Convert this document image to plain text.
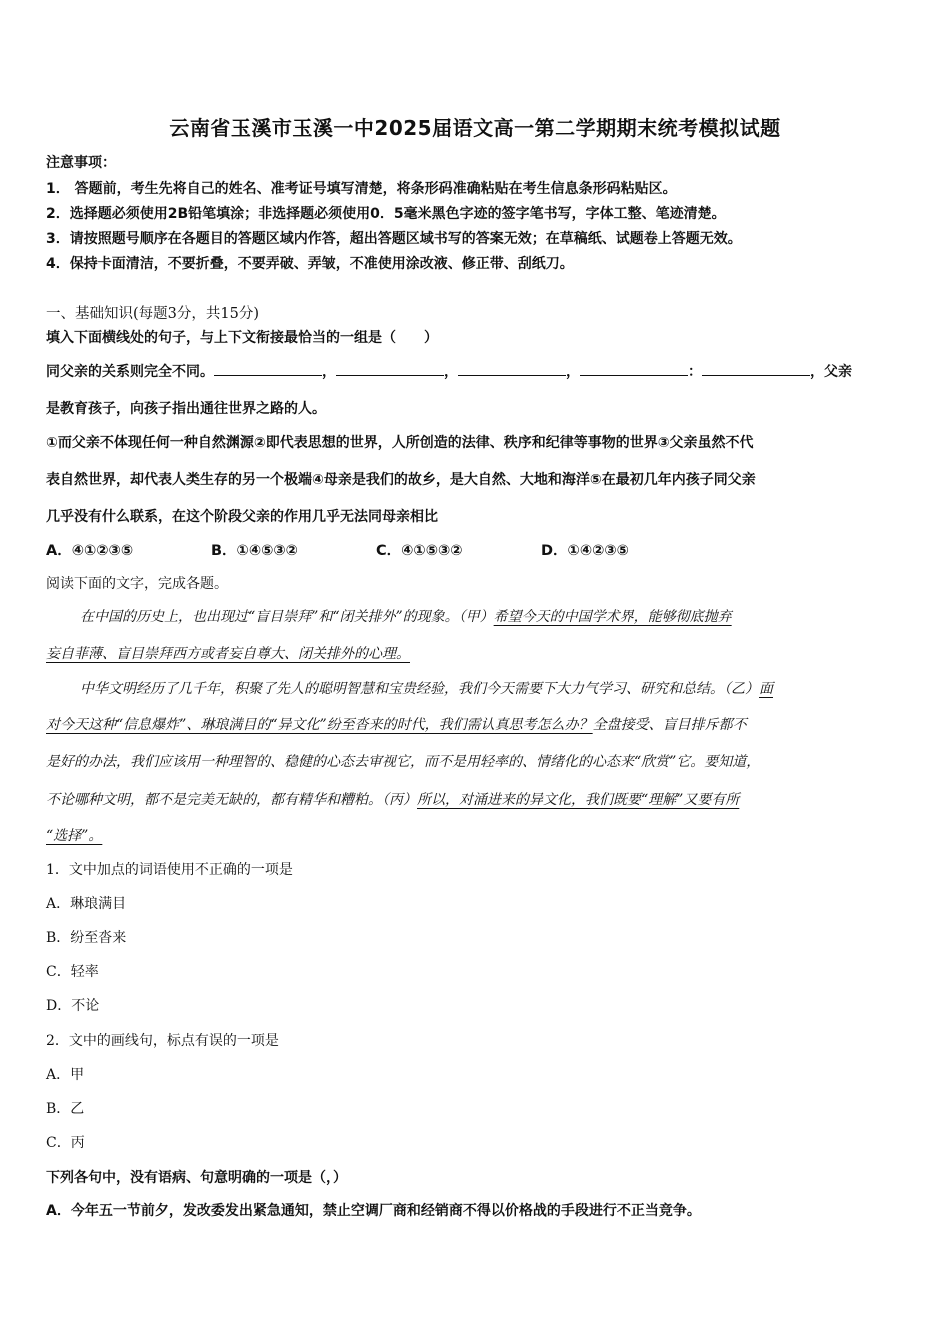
云南省玉溪市玉溪一中2025届语文高一第二学期期末统考模拟试题
注意事项：
1． 答题前，考生先将自己的姓名、准考证号填写清楚，将条形码准确粘贴在考生信息条形码粘贴区。
2．选择题必须使用2B铅笔填涂；非选择题必须使用0．5毫米黑色字迹的签字笔书写，字体工整、笔迹清楚。
3．请按照题号顺序在各题目的答题区域内作答，超出答题区域书写的答案无效；在草稿纸、试题卷上答题无效。
4．保持卡面清洁，不要折叠，不要弄破、弄皱，不准使用涂改液、修正带、刮纸刀。
一、基础知识(每题3分，共15分)
填入下面横线处的句子，与上下文衔接最恰当的一组是（　　）
同父亲的关系则完全不同。	，	，	，	：	，父亲
是教育孩子，向孩子指出通往世界之路的人。
①而父亲不体现任何一种自然渊源②即代表思想的世界，人所创造的法律、秩序和纪律等事物的世界③父亲虽然不代
表自然世界，却代表人类生存的另一个极端④母亲是我们的故乡，是大自然、大地和海洋⑤在最初几年内孩子同父亲
几乎没有什么联系，在这个阶段父亲的作用几乎无法同母亲相比
A．④①②③⑤	B．①④⑤③②	C．④①⑤③②	D．①④②③⑤
阅读下面的文字，完成各题。
在中国的历史上，也出现过“盲目崇拜”和“闭关排外”的现象。（甲）希望今天的中国学术界，能够彻底抛弃
妄自菲薄、盲目崇拜西方或者妄自尊大、闭关排外的心理。
中华文明经历了几千年，积聚了先人的聪明智慧和宝贵经验，我们今天需要下大力气学习、研究和总结。（乙）面
对今天这种“信息爆炸”、琳琅满目的“异文化”纷至沓来的时代，我们需认真思考怎么办？全盘接受、盲目排斥都不
是好的办法，我们应该用一种理智的、稳健的心态去审视它，而不是用轻率的、情绪化的心态来“欣赏”它。要知道，
不论哪种文明，都不是完美无缺的，都有精华和糟粕。（丙）所以，对涌进来的异文化，我们既要“理解”又要有所
“选择”。
1．文中加点的词语使用不正确的一项是
A．琳琅满目
B．纷至沓来
C．轻率
D．不论
2．文中的画线句，标点有误的一项是
A．甲
B．乙
C．丙
下列各句中，没有语病、句意明确的一项是（，）
A．今年五一节前夕，发改委发出紧急通知，禁止空调厂商和经销商不得以价格战的手段进行不正当竞争。
